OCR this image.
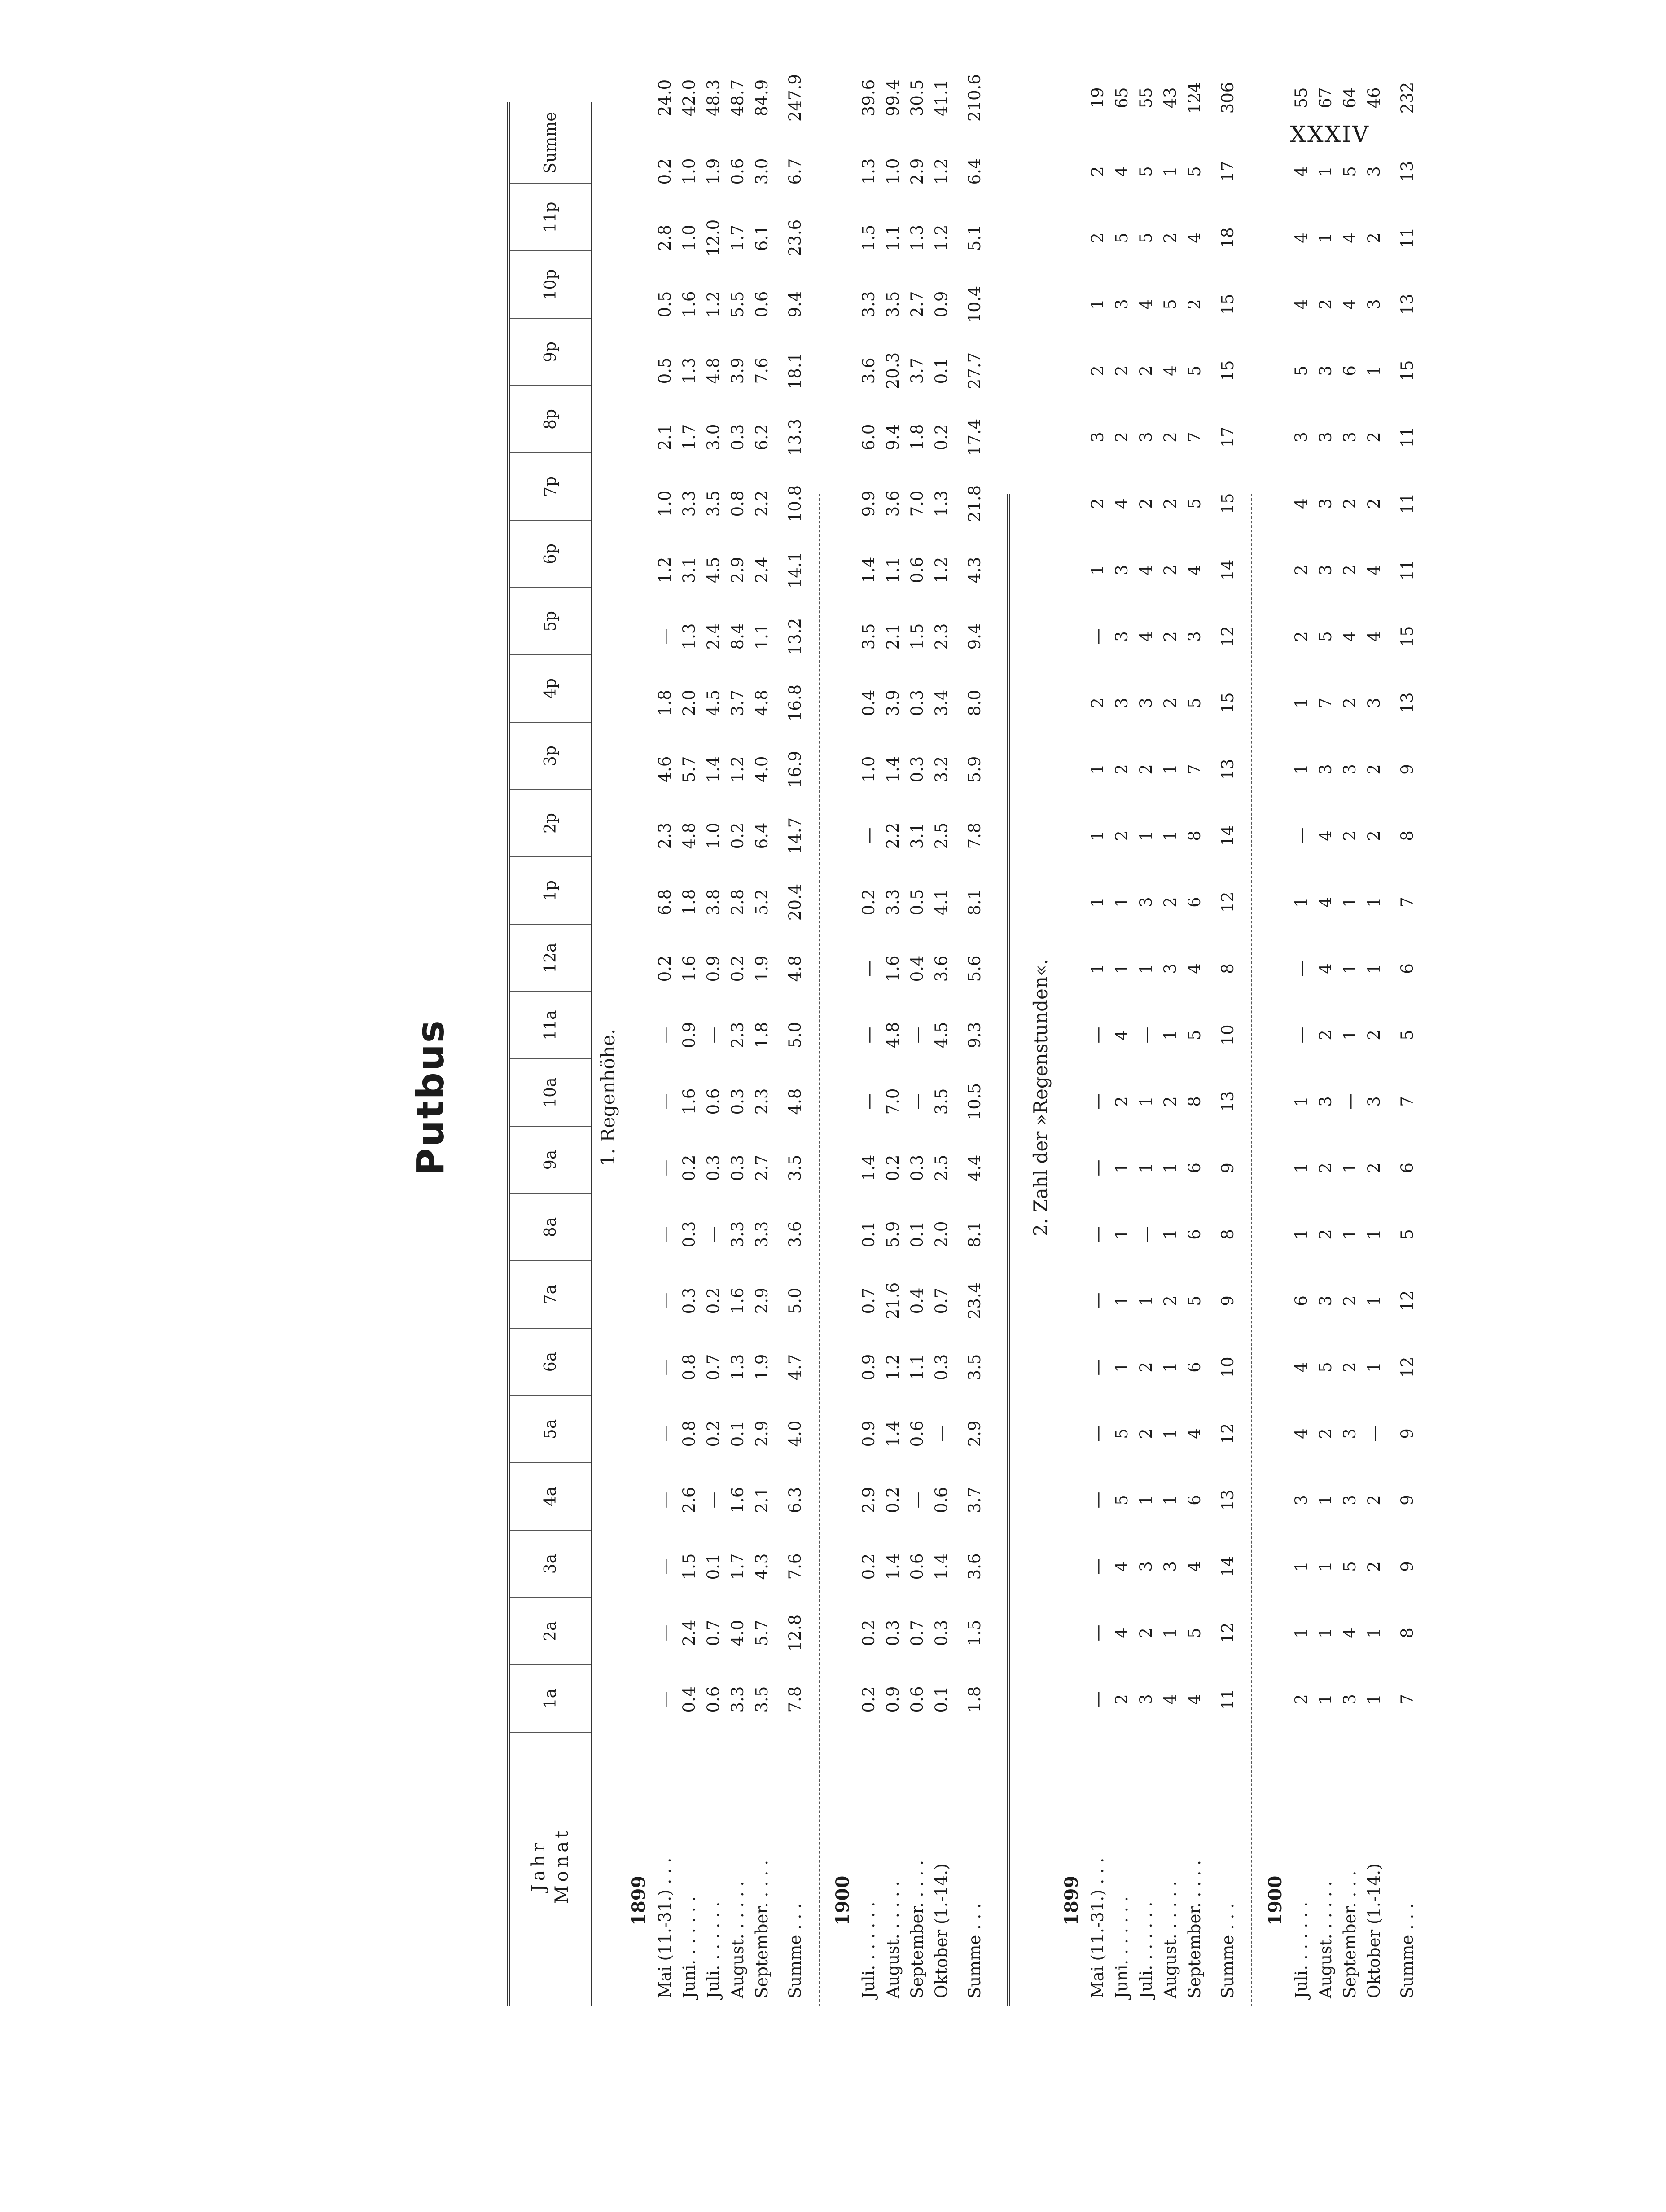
XXXIV
Putbus
Jahr Monat
1a
2a
3a
4a
5a
6a
7a
8a
9a
10a
11a
12a
1p
2p
3p
4p
5p
6p
7p
8p
9p
10p
11p
Summe
1. Regenhöhe.
1899 Mai (11.-31.) . . .
—
—
—
—
—
—
—
—
—
—
—
0.2
6.8
2.3
4.6
1.8
—
1.2
1.0
2.1
0.5
0.5
2.8
0.2
24.0
Juni. . . . . . .
0.4
2.4
1.5
2.6
0.8
0.8
0.3
0.3
0.2
1.6
0.9
1.6
1.8
4.8
5.7
2.0
1.3
3.1
3.3
1.7
1.3
1.6
1.0
1.0
42.0
Juli. . . . . . .
0.6
0.7
0.1
—
0.2
0.7
0.2
—
0.3
0.6
—
0.9
3.8
1.0
1.4
4.5
2.4
4.5
3.5
3.0
4.8
1.2
12.0
1.9
48.3
August. . . . . .
3.3
4.0
1.7
1.6
0.1
1.3
1.6
3.3
0.3
0.3
2.3
0.2
2.8
0.2
1.2
3.7
8.4
2.9
0.8
0.3
3.9
5.5
1.7
0.6
48.7
September. . . . .
3.5
5.7
4.3
2.1
2.9
1.9
2.9
3.3
2.7
2.3
1.8
1.9
5.2
6.4
4.0
4.8
1.1
2.4
2.2
6.2
7.6
0.6
6.1
3.0
84.9
Summe . . .
7.8
12.8
7.6
6.3
4.0
4.7
5.0
3.6
3.5
4.8
5.0
4.8
20.4
14.7
16.9
16.8
13.2
14.1
10.8
13.3
18.1
9.4
23.6
6.7
247.9
1900
Juli. . . . . . .
0.2
0.2
0.2
2.9
0.9
0.9
0.7
0.1
1.4
—
—
—
0.2
—
1.0
0.4
3.5
1.4
9.9
6.0
3.6
3.3
1.5
1.3
39.6
August. . . . . .
0.9
0.3
1.4
0.2
1.4
1.2
21.6
5.9
0.2
7.0
4.8
1.6
3.3
2.2
1.4
3.9
2.1
1.1
3.6
9.4
20.3
3.5
1.1
1.0
99.4
September. . . . .
0.6
0.7
0.6
—
0.6
1.1
0.4
0.1
0.3
—
—
0.4
0.5
3.1
0.3
0.3
1.5
0.6
7.0
1.8
3.7
2.7
1.3
2.9
30.5
Oktober (1.-14.)
0.1
0.3
1.4
0.6
—
0.3
0.7
2.0
2.5
3.5
4.5
3.6
4.1
2.5
3.2
3.4
2.3
1.2
1.3
0.2
0.1
0.9
1.2
1.2
41.1
Summe . . .
1.8
1.5
3.6
3.7
2.9
3.5
23.4
8.1
4.4
10.5
9.3
5.6
8.1
7.8
5.9
8.0
9.4
4.3
21.8
17.4
27.7
10.4
5.1
6.4
210.6
2. Zahl der »Regenstunden«.
1899 Mai (11.-31.) . . .
—
—
—
—
—
—
—
—
—
—
—
1
1
1
1
2
—
1
2
3
2
1
2
2
19
Juni. . . . . . .
2
4
4
5
5
1
1
1
1
2
4
1
1
2
2
3
3
3
4
2
2
3
5
4
65
Juli. . . . . . .
3
2
3
1
2
2
1
—
1
1
—
1
3
1
2
3
4
4
2
3
2
4
5
5
55
August. . . . . .
4
1
3
1
1
1
2
1
1
2
1
3
2
1
1
2
2
2
2
2
4
5
2
1
43
September. . . . .
4
5
4
6
4
6
5
6
6
8
5
4
6
8
7
5
3
4
5
7
5
2
4
5
124
Summe . . .
11
12
14
13
12
10
9
8
9
13
10
8
12
14
13
15
12
14
15
17
15
15
18
17
306
1900
Juli. . . . . . .
2
1
1
3
4
4
6
1
1
1
—
—
1
—
1
1
2
2
4
3
5
4
4
4
55
August. . . . . .
1
1
1
1
2
5
3
2
2
3
2
4
4
4
3
7
5
3
3
3
3
2
1
1
67
September. . . .
3
4
5
3
3
2
2
1
1
—
1
1
1
2
3
2
4
2
2
3
6
4
4
5
64
Oktober (1.-14.)
1
1
2
2
—
1
1
1
2
3
2
1
1
2
2
3
4
4
2
2
1
3
2
3
46
Summe . . .
7
8
9
9
9
12
12
5
6
7
5
6
7
8
9
13
15
11
11
11
15
13
11
13
232
